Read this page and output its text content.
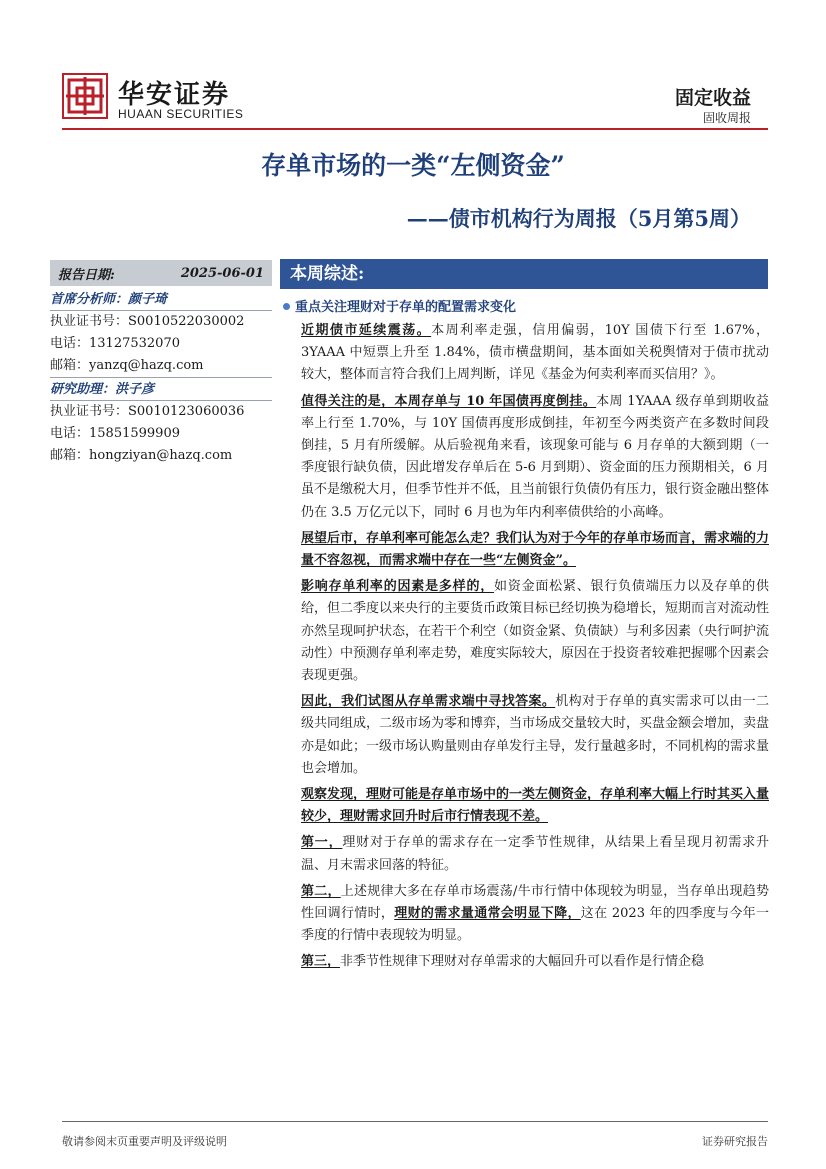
华安证券
HUAAN SECURITIES
固定收益
固收周报
存单市场的一类“左侧资金”
——债市机构行为周报（5月第5周）
报告日期:	2025-06-01
首席分析师：颜子琦
执业证书号：S0010522030002
电话：13127532070
邮箱：yanzq@hazq.com
研究助理：洪子彦
执业证书号：S0010123060036
电话：15851599909
邮箱：hongziyan@hazq.com
本周综述:
重点关注理财对于存单的配置需求变化

近期债市延续震荡。本周利率走强，信用偏弱，10Y 国债下行至 1.67%，3YAAA 中短票上升至 1.84%，债市横盘期间，基本面如关税舆情对于债市扰动较大，整体而言符合我们上周判断，详见《基金为何卖利率而买信用？》。

值得关注的是，本周存单与 10 年国债再度倒挂。本周 1YAAA 级存单到期收益率上行至 1.70%，与 10Y 国债再度形成倒挂，年初至今两类资产在多数时间段倒挂，5 月有所缓解。从后验视角来看，该现象可能与 6 月存单的大额到期（一季度银行缺负债，因此增发存单后在 5-6 月到期）、资金面的压力预期相关，6 月虽不是缴税大月，但季节性并不低，且当前银行负债仍有压力，银行资金融出整体仍在 3.5 万亿元以下，同时 6 月也为年内利率债供给的小高峰。

展望后市，存单利率可能怎么走？我们认为对于今年的存单市场而言，需求端的力量不容忽视，而需求端中存在一些“左侧资金”。

影响存单利率的因素是多样的，如资金面松紧、银行负债端压力以及存单的供给，但二季度以来央行的主要货币政策目标已经切换为稳增长，短期而言对流动性亦然呈现呵护状态，在若干个利空（如资金紧、负债缺）与利多因素（央行呵护流动性）中预测存单利率走势，难度实际较大，原因在于投资者较难把握哪个因素会表现更强。

因此，我们试图从存单需求端中寻找答案。机构对于存单的真实需求可以由一二级共同组成，二级市场为零和博弈，当市场成交量较大时，买盘金额会增加，卖盘亦是如此；一级市场认购量则由存单发行主导，发行量越多时，不同机构的需求量也会增加。

观察发现，理财可能是存单市场中的一类左侧资金，存单利率大幅上行时其买入量较少，理财需求回升时后市行情表现不差。

第一，理财对于存单的需求存在一定季节性规律，从结果上看呈现月初需求升温、月末需求回落的特征。

第二，上述规律大多在存单市场震荡/牛市行情中体现较为明显，当存单出现趋势性回调行情时，理财的需求量通常会明显下降，这在 2023 年的四季度与今年一季度的行情中表现较为明显。

第三，非季节性规律下理财对存单需求的大幅回升可以看作是行情企稳

敬请参阅末页重要声明及评级说明	证券研究报告
